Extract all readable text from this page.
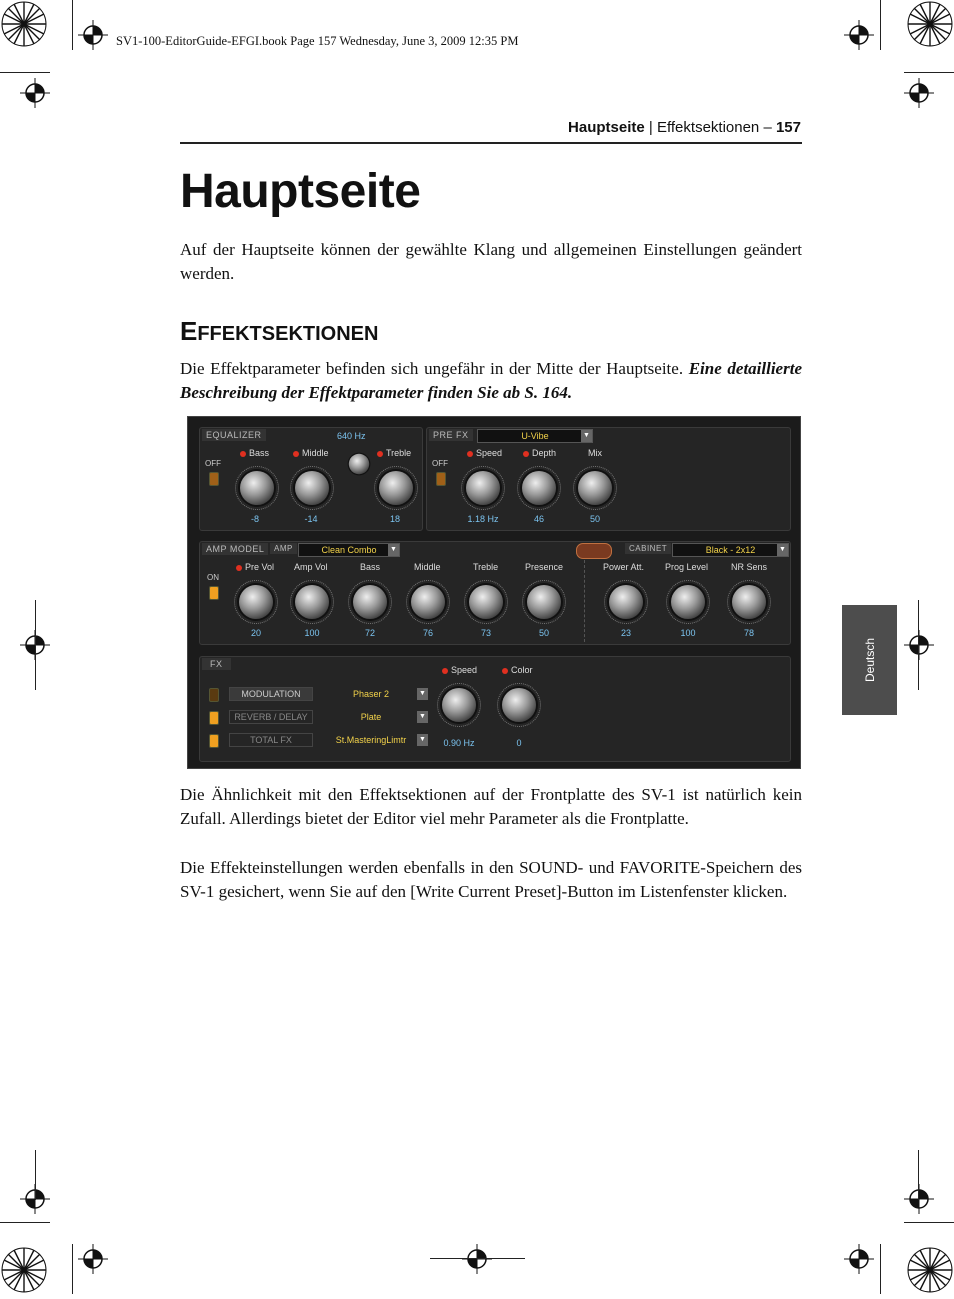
SV1-100-EditorGuide-EFGI.book Page 157 Wednesday, June 3, 2009 12:35 PM
Hauptseite | Effektsektionen – 157
Hauptseite

Auf der Hauptseite können der gewählte Klang und allgemeinen Einstellungen geändert werden.

EFFEKTSEKTIONEN

Die Effektparameter befinden sich ungefähr in der Mitte der Hauptseite. Eine detaillierte Beschreibung der Effektparameter finden Sie ab S. 164.

Deutsch
EQUALIZER
OFF
640 Hz
Bass
-8
Middle
-14
Treble
18
PRE FX	U-Vibe	▼
OFF
Speed
1.18 Hz
Depth
46
Mix
50
AMP MODEL	AMP	Clean Combo ▼	CABINET	Black - 2x12	▼
ON
Pre Vol
20
Amp Vol
100
Bass
72
Middle
76
Treble
73
Presence
50
Power Att.
23
Prog Level
100
NR Sens
78
FX
MODULATION	Phaser 2	▼
REVERB / DELAY	Plate	▼
TOTAL FX	St.MasteringLimtr ▼
Speed
0.90 Hz
Color
0

Die Ähnlichkeit mit den Effektsektionen auf der Frontplatte des SV-1 ist natürlich kein Zufall. Allerdings bietet der Editor viel mehr Parameter als die Frontplatte.

Die Effekteinstellungen werden ebenfalls in den SOUND- und FAVORITE-Speichern des SV-1 gesichert, wenn Sie auf den [Write Current Preset]-Button im Listenfenster klicken.
